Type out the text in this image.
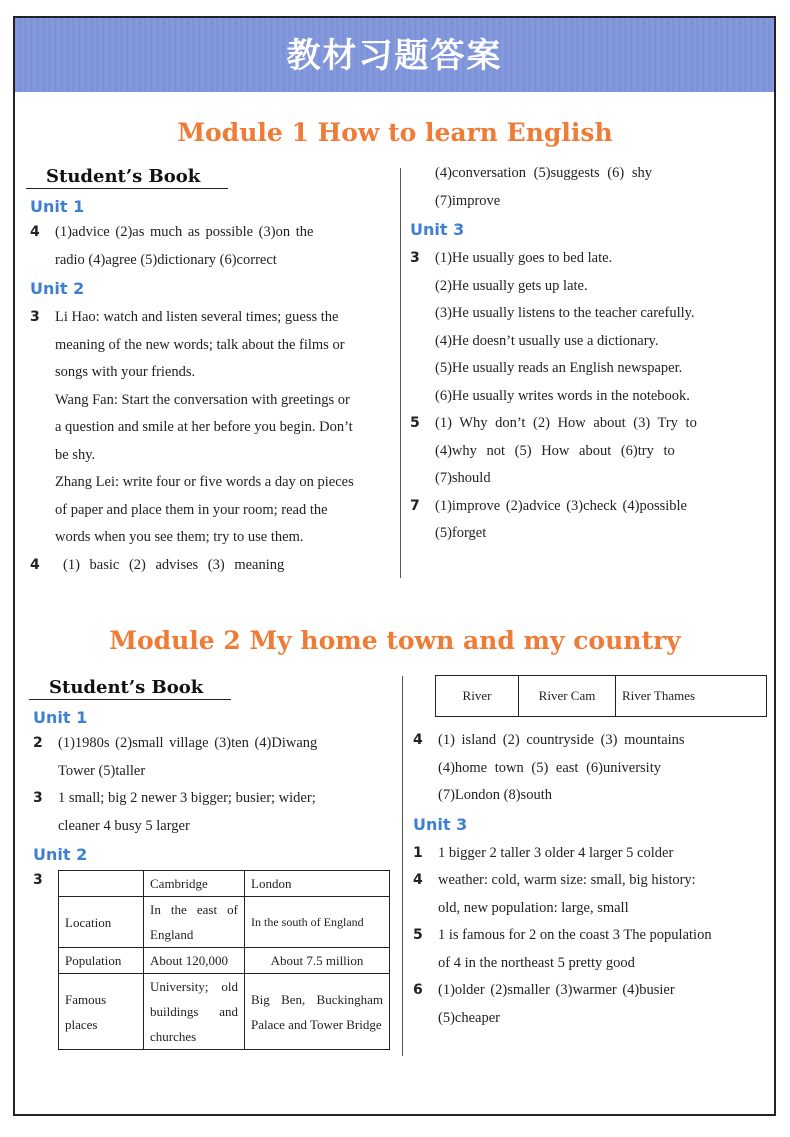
教材习题答案
Module 1 How to learn English
Student’s Book
Unit 1
4	(1)advice (2)as much as possible (3)on the
radio (4)agree (5)dictionary (6)correct
Unit 2
3	Li Hao: watch and listen several times; guess the
meaning of the new words; talk about the films or
songs with your friends.
Wang Fan: Start the conversation with greetings or
a question and smile at her before you begin. Don’t
be shy.
Zhang Lei: write four or five words a day on pieces
of paper and place them in your room; read the
words when you see them; try to use them.
4	(1) basic (2) advises (3) meaning
(4)conversation (5)suggests (6) shy
(7)improve
Unit 3
3	(1)He usually goes to bed late.
(2)He usually gets up late.
(3)He usually listens to the teacher carefully.
(4)He doesn’t usually use a dictionary.
(5)He usually reads an English newspaper.
(6)He usually writes words in the notebook.
5	(1) Why don’t (2) How about (3) Try to
(4)why not (5) How about (6)try to
(7)should
7	(1)improve (2)advice (3)check (4)possible
(5)forget
Module 2 My home town and my country
Student’s Book
Unit 1
2	(1)1980s (2)small village (3)ten (4)Diwang
Tower (5)taller
3	1 small; big 2 newer 3 bigger; busier; wider;
cleaner 4 busy 5 larger
Unit 2
3
		Cambridge	London
Location	In the east of England	In the south of England
Population	About 120,000	About 7.5 million
Famous places	University; old buildings and churches	Big Ben, Buckingham Palace and Tower Bridge
River	River Cam	River Thames
4	(1) island (2) countryside (3) mountains
(4)home town (5) east (6)university
(7)London (8)south
Unit 3
1	1 bigger 2 taller 3 older 4 larger 5 colder
4	weather: cold, warm size: small, big history:
old, new population: large, small
5	1 is famous for 2 on the coast 3 The population
of 4 in the northeast 5 pretty good
6	(1)older (2)smaller (3)warmer (4)busier
(5)cheaper
